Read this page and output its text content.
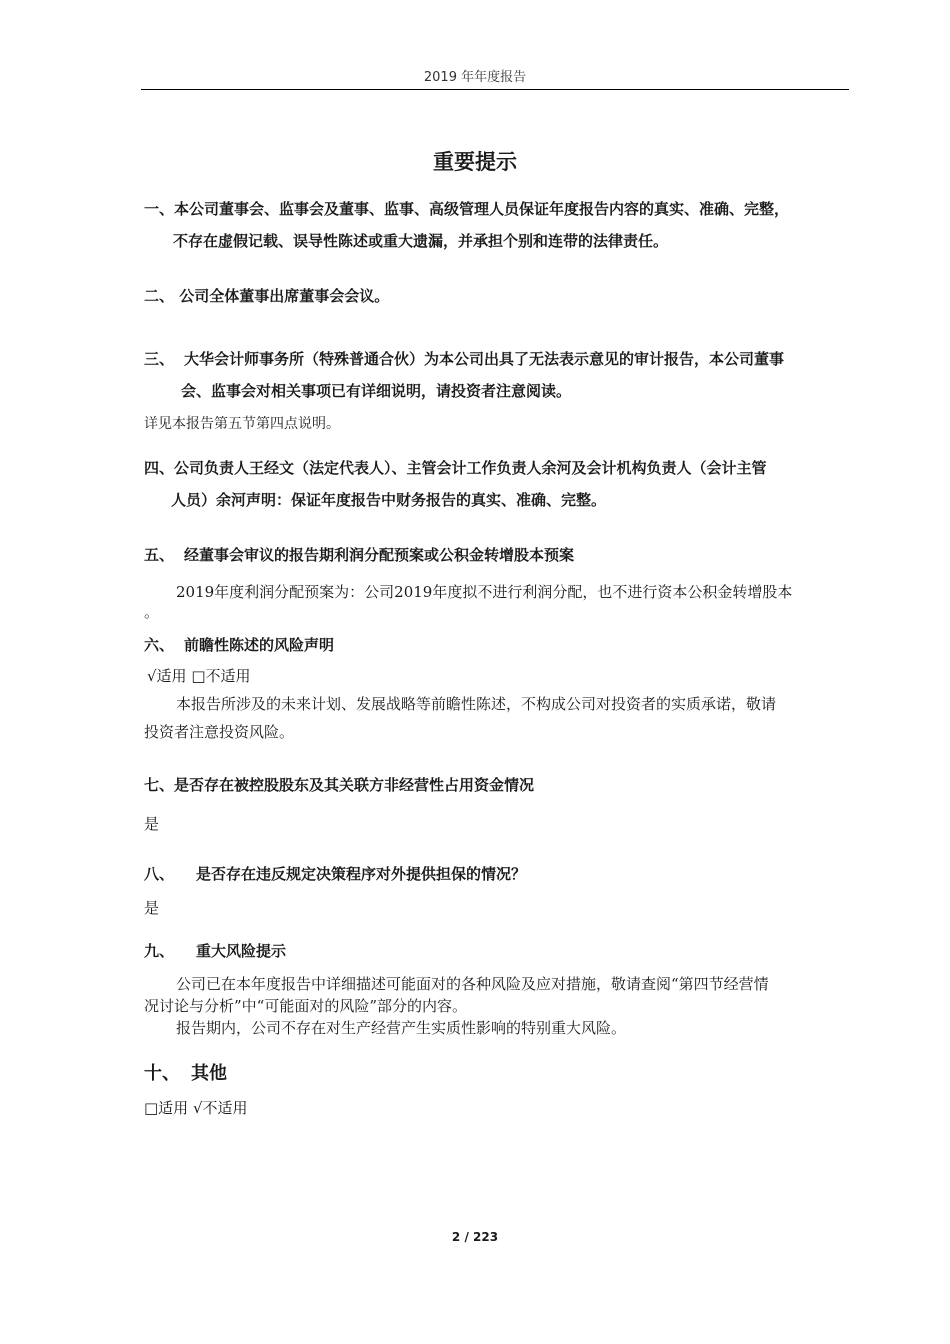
2019 年年度报告
重要提示
一、本公司董事会、监事会及董事、监事、高级管理人员保证年度报告内容的真实、准确、完整，
不存在虚假记载、误导性陈述或重大遗漏，并承担个别和连带的法律责任。
二、 公司全体董事出席董事会会议。
三、 大华会计师事务所（特殊普通合伙）为本公司出具了无法表示意见的审计报告，本公司董事
会、监事会对相关事项已有详细说明，请投资者注意阅读。
详见本报告第五节第四点说明。
四、公司负责人王经文（法定代表人）、主管会计工作负责人余河及会计机构负责人（会计主管
人员）余河声明：保证年度报告中财务报告的真实、准确、完整。
五、 经董事会审议的报告期利润分配预案或公积金转增股本预案
2019年度利润分配预案为：公司2019年度拟不进行利润分配，也不进行资本公积金转增股本
。
六、 前瞻性陈述的风险声明
√适用 □不适用
本报告所涉及的未来计划、发展战略等前瞻性陈述，不构成公司对投资者的实质承诺，敬请
投资者注意投资风险。
七、是否存在被控股股东及其关联方非经营性占用资金情况
是
八、 是否存在违反规定决策程序对外提供担保的情况？
是
九、 重大风险提示
公司已在本年度报告中详细描述可能面对的各种风险及应对措施，敬请查阅“第四节经营情
况讨论与分析”中“可能面对的风险”部分的内容。
报告期内，公司不存在对生产经营产生实质性影响的特别重大风险。
十、 其他
□适用 √不适用
2 / 223
